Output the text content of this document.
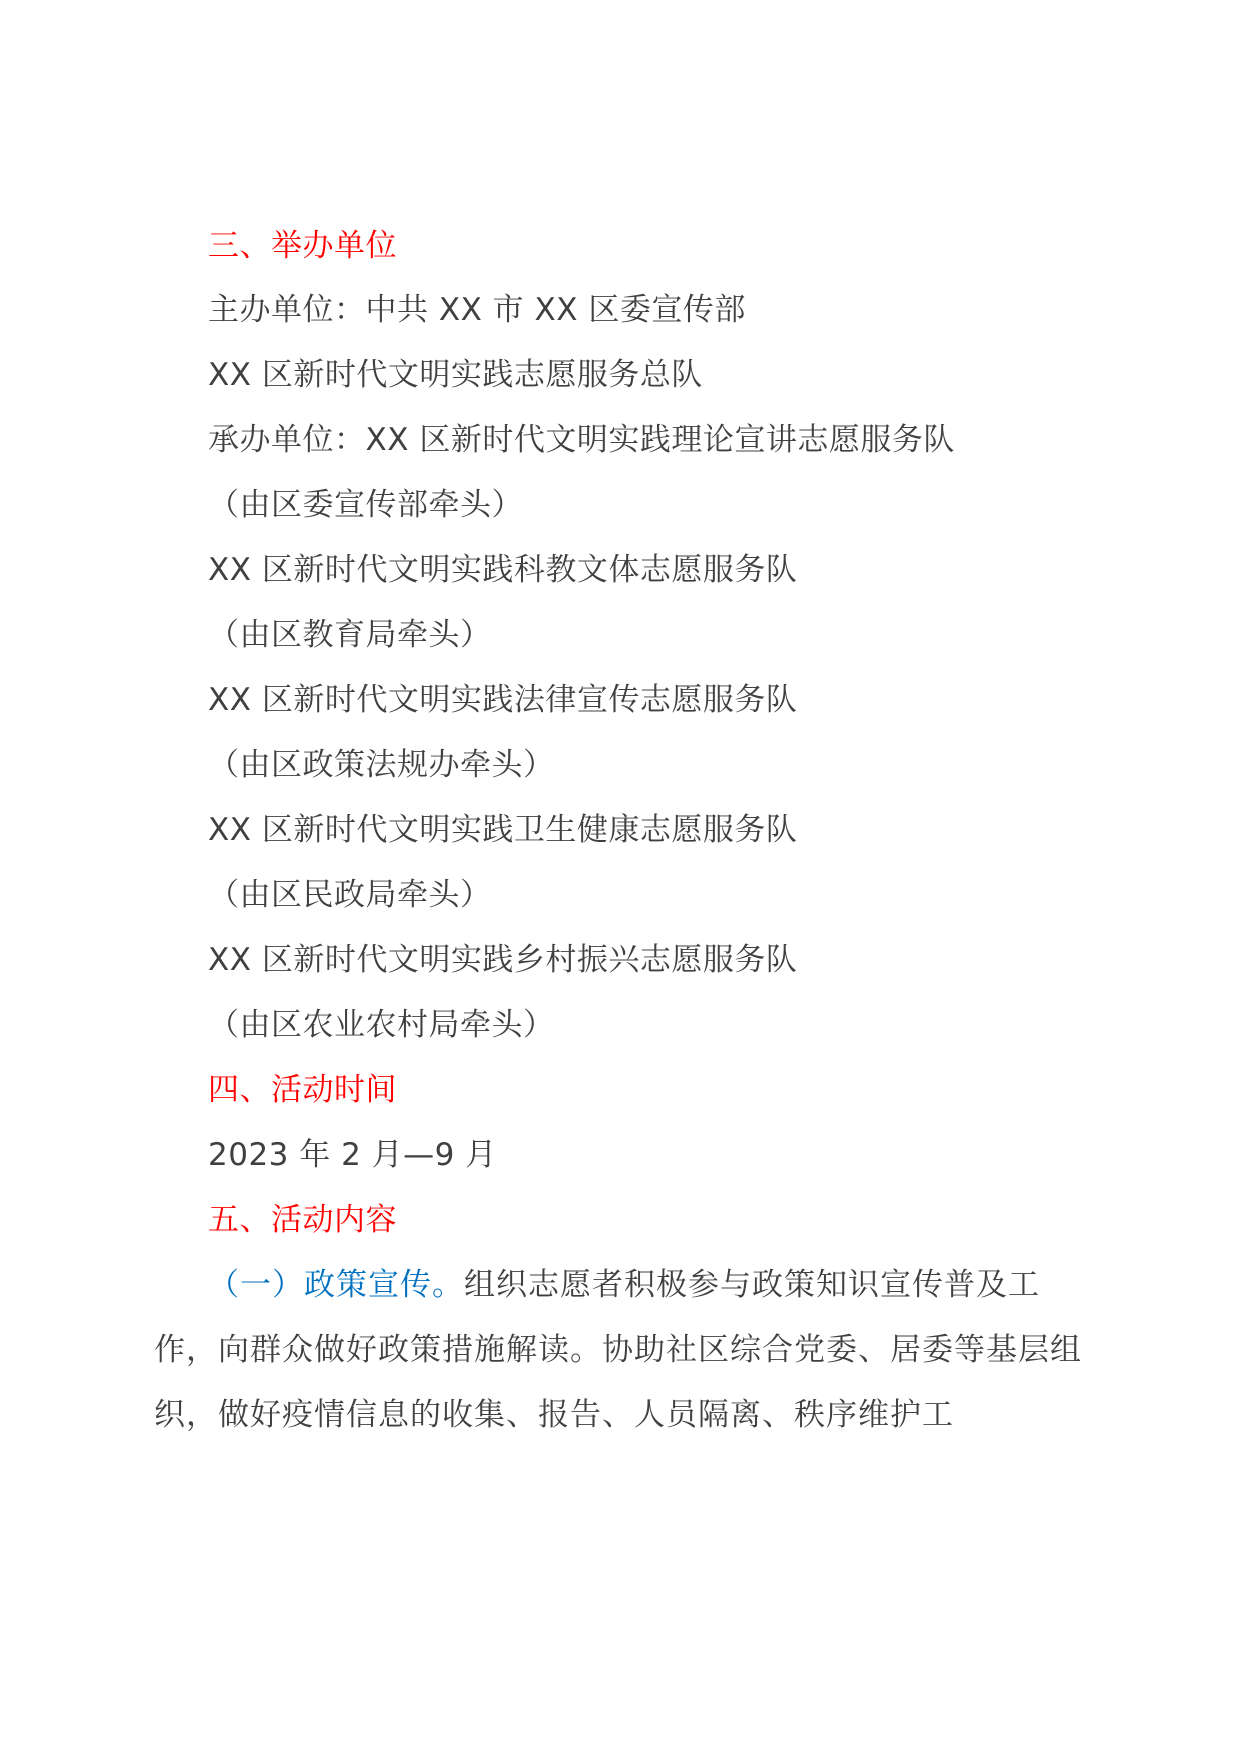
三、举办单位
主办单位：中共 XX 市 XX 区委宣传部
XX 区新时代文明实践志愿服务总队
承办单位：XX 区新时代文明实践理论宣讲志愿服务队
（由区委宣传部牵头）
XX 区新时代文明实践科教文体志愿服务队
（由区教育局牵头）
XX 区新时代文明实践法律宣传志愿服务队
（由区政策法规办牵头）
XX 区新时代文明实践卫生健康志愿服务队
（由区民政局牵头）
XX 区新时代文明实践乡村振兴志愿服务队
（由区农业农村局牵头）
四、活动时间
2023 年 2 月—9 月
五、活动内容
（一）政策宣传。组织志愿者积极参与政策知识宣传普及工作，向群众做好政策措施解读。协助社区综合党委、居委等基层组织，做好疫情信息的收集、报告、人员隔离、秩序维护工
